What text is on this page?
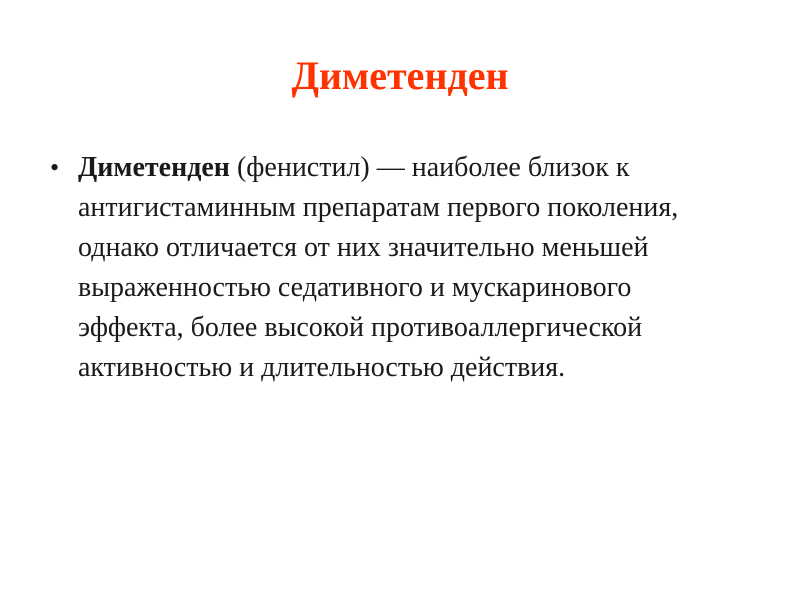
Диметенден
• Диметенден (фенистил) — наиболее близок к антигистаминным препаратам первого поколения, однако отличается от них значительно меньшей выраженностью седативного и мускаринового эффекта, более высокой противоаллергической активностью и длительностью действия.
